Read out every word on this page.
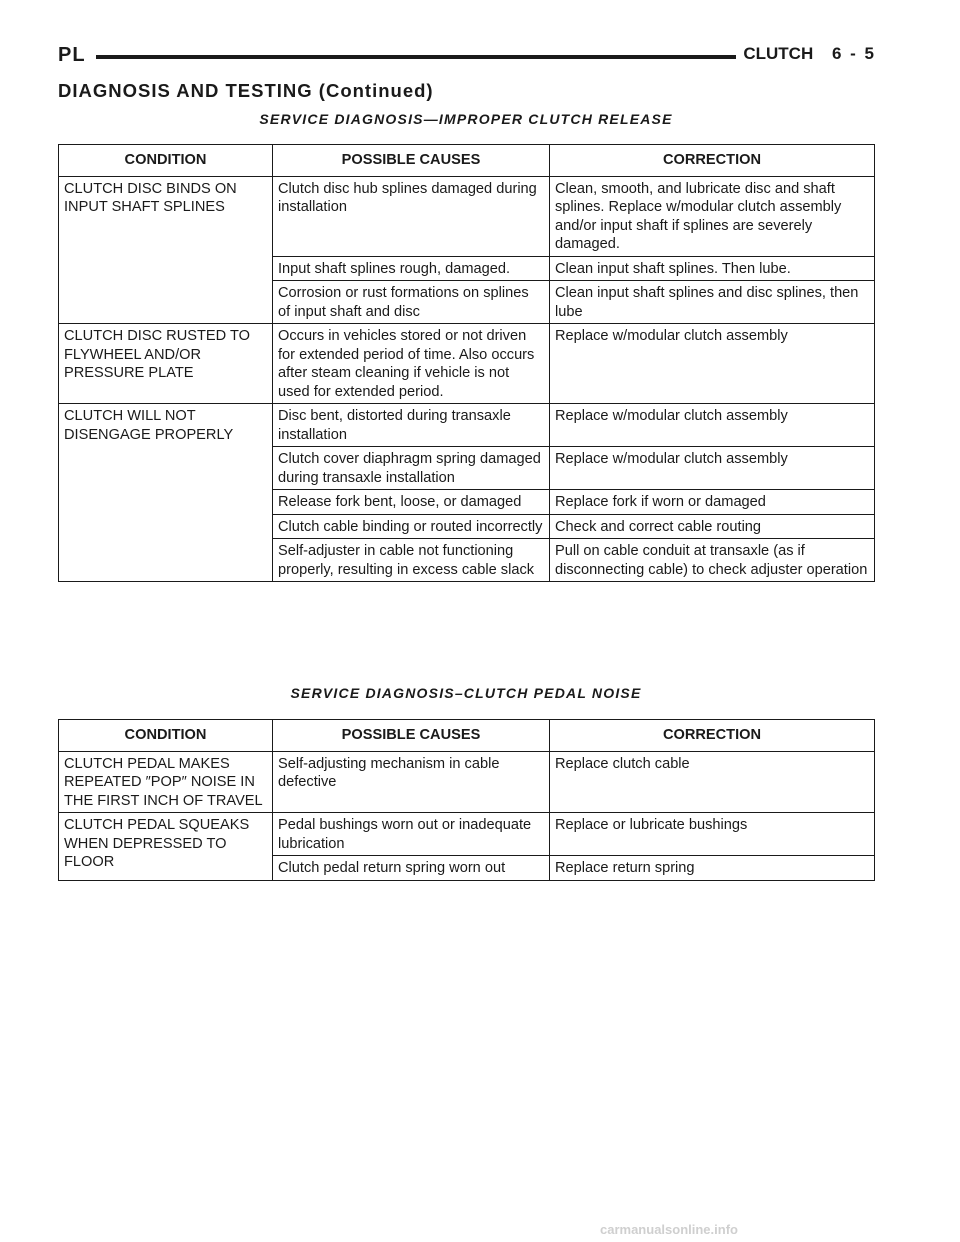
PL	CLUTCH 6 - 5
DIAGNOSIS AND TESTING (Continued)
SERVICE DIAGNOSIS—IMPROPER CLUTCH RELEASE
CONDITION	POSSIBLE CAUSES	CORRECTION
CLUTCH DISC BINDS ON INPUT SHAFT SPLINES	Clutch disc hub splines damaged during installation	Clean, smooth, and lubricate disc and shaft splines. Replace w/modular clutch assembly and/or input shaft if splines are severely damaged.
	Input shaft splines rough, damaged.	Clean input shaft splines. Then lube.
	Corrosion or rust formations on splines of input shaft and disc	Clean input shaft splines and disc splines, then lube
CLUTCH DISC RUSTED TO FLYWHEEL AND/OR PRESSURE PLATE	Occurs in vehicles stored or not driven for extended period of time. Also occurs after steam cleaning if vehicle is not used for extended period.	Replace w/modular clutch assembly
CLUTCH WILL NOT DISENGAGE PROPERLY	Disc bent, distorted during transaxle installation	Replace w/modular clutch assembly
	Clutch cover diaphragm spring damaged during transaxle installation	Replace w/modular clutch assembly
	Release fork bent, loose, or damaged	Replace fork if worn or damaged
	Clutch cable binding or routed incorrectly	Check and correct cable routing
	Self-adjuster in cable not functioning properly, resulting in excess cable slack	Pull on cable conduit at transaxle (as if disconnecting cable) to check adjuster operation
SERVICE DIAGNOSIS–CLUTCH PEDAL NOISE
CONDITION	POSSIBLE CAUSES	CORRECTION
CLUTCH PEDAL MAKES REPEATED ″POP″ NOISE IN THE FIRST INCH OF TRAVEL	Self-adjusting mechanism in cable defective	Replace clutch cable
CLUTCH PEDAL SQUEAKS WHEN DEPRESSED TO FLOOR	Pedal bushings worn out or inadequate lubrication	Replace or lubricate bushings
	Clutch pedal return spring worn out	Replace return spring
carmanualsonline.info
